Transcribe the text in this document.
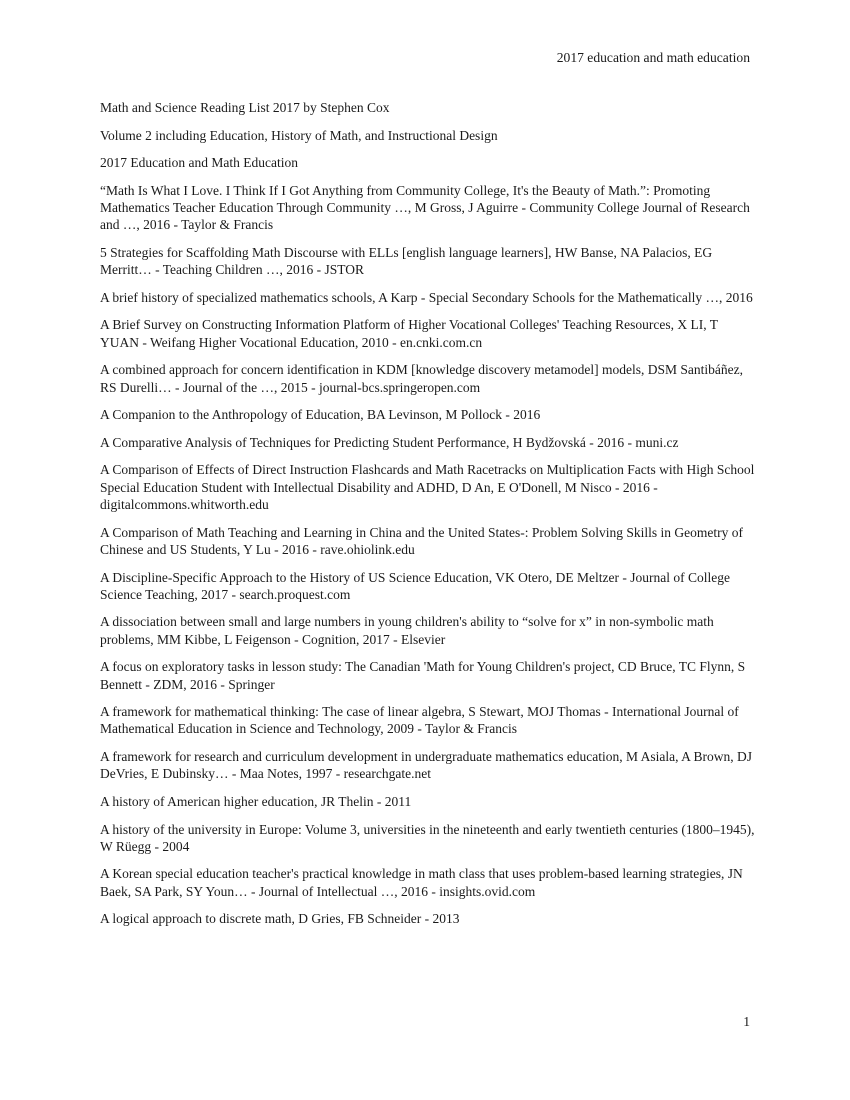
2017 education and math education

Math and Science Reading List 2017 by Stephen Cox

Volume 2 including Education, History of Math, and Instructional Design

2017 Education and Math Education

“Math Is What I Love. I Think If I Got Anything from Community College, It's the Beauty of Math.”: Promoting Mathematics Teacher Education Through Community …, M Gross, J Aguirre - Community College Journal of Research and …, 2016 - Taylor & Francis

5 Strategies for Scaffolding Math Discourse with ELLs [english language learners], HW Banse, NA Palacios, EG Merritt… - Teaching Children …, 2016 - JSTOR

A brief history of specialized mathematics schools, A Karp - Special Secondary Schools for the Mathematically …, 2016

A Brief Survey on Constructing Information Platform of Higher Vocational Colleges' Teaching Resources, X LI, T YUAN - Weifang Higher Vocational Education, 2010 - en.cnki.com.cn

A combined approach for concern identification in KDM [knowledge discovery metamodel] models, DSM Santibáñez, RS Durelli… - Journal of the …, 2015 - journal-bcs.springeropen.com

A Companion to the Anthropology of Education, BA Levinson, M Pollock - 2016

A Comparative Analysis of Techniques for Predicting Student Performance, H Bydžovská - 2016 - muni.cz

A Comparison of Effects of Direct Instruction Flashcards and Math Racetracks on Multiplication Facts with High School Special Education Student with Intellectual Disability and ADHD, D An, E O'Donell, M Nisco - 2016 - digitalcommons.whitworth.edu

A Comparison of Math Teaching and Learning in China and the United States-: Problem Solving Skills in Geometry of Chinese and US Students, Y Lu - 2016 - rave.ohiolink.edu

A Discipline-Specific Approach to the History of US Science Education, VK Otero, DE Meltzer - Journal of College Science Teaching, 2017 - search.proquest.com

A dissociation between small and large numbers in young children's ability to “solve for x” in non-symbolic math problems, MM Kibbe, L Feigenson - Cognition, 2017 - Elsevier

A focus on exploratory tasks in lesson study: The Canadian 'Math for Young Children's project, CD Bruce, TC Flynn, S Bennett - ZDM, 2016 - Springer

A framework for mathematical thinking: The case of linear algebra, S Stewart, MOJ Thomas - International Journal of Mathematical Education in Science and Technology, 2009 - Taylor & Francis

A framework for research and curriculum development in undergraduate mathematics education, M Asiala, A Brown, DJ DeVries, E Dubinsky… - Maa Notes, 1997 - researchgate.net

A history of American higher education, JR Thelin - 2011

A history of the university in Europe: Volume 3, universities in the nineteenth and early twentieth centuries (1800–1945), W Rüegg - 2004

A Korean special education teacher's practical knowledge in math class that uses problem-based learning strategies, JN Baek, SA Park, SY Youn… - Journal of Intellectual …, 2016 - insights.ovid.com

A logical approach to discrete math, D Gries, FB Schneider - 2013

1
